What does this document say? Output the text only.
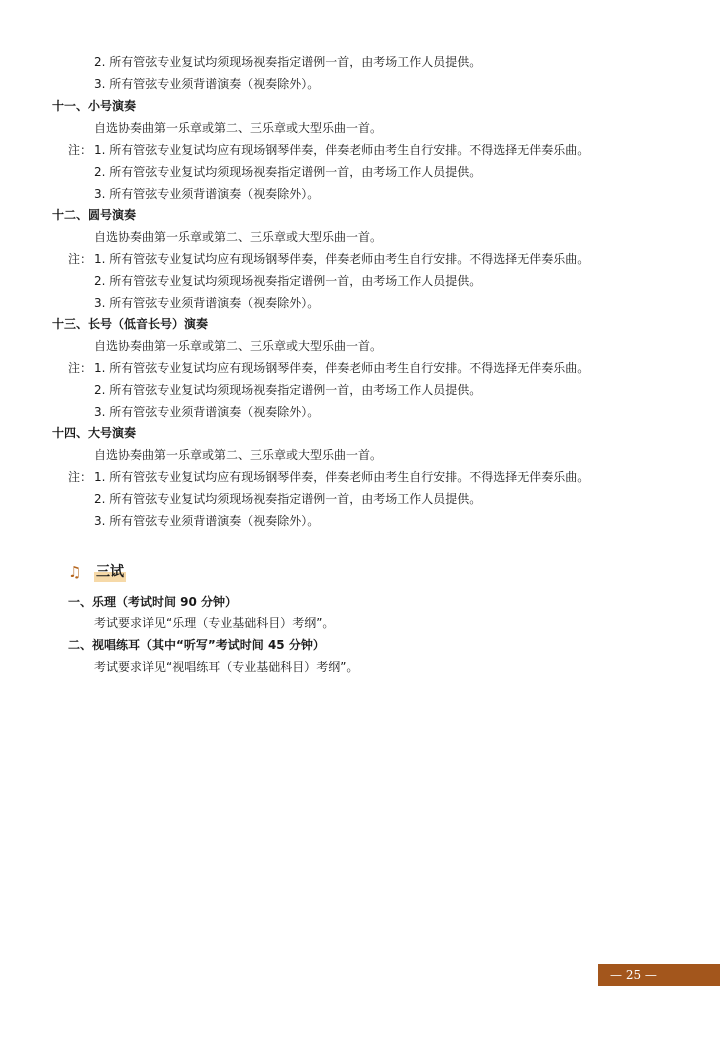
2. 所有管弦专业复试均须现场视奏指定谱例一首，由考场工作人员提供。
3. 所有管弦专业须背谱演奏（视奏除外）。
十一、小号演奏
自选协奏曲第一乐章或第二、三乐章或大型乐曲一首。
注： 1. 所有管弦专业复试均应有现场钢琴伴奏，伴奏老师由考生自行安排。不得选择无伴奏乐曲。
2. 所有管弦专业复试均须现场视奏指定谱例一首，由考场工作人员提供。
3. 所有管弦专业须背谱演奏（视奏除外）。
十二、圆号演奏
自选协奏曲第一乐章或第二、三乐章或大型乐曲一首。
注： 1. 所有管弦专业复试均应有现场钢琴伴奏，伴奏老师由考生自行安排。不得选择无伴奏乐曲。
2. 所有管弦专业复试均须现场视奏指定谱例一首，由考场工作人员提供。
3. 所有管弦专业须背谱演奏（视奏除外）。
十三、长号（低音长号）演奏
自选协奏曲第一乐章或第二、三乐章或大型乐曲一首。
注： 1. 所有管弦专业复试均应有现场钢琴伴奏，伴奏老师由考生自行安排。不得选择无伴奏乐曲。
2. 所有管弦专业复试均须现场视奏指定谱例一首，由考场工作人员提供。
3. 所有管弦专业须背谱演奏（视奏除外）。
十四、大号演奏
自选协奏曲第一乐章或第二、三乐章或大型乐曲一首。
注： 1. 所有管弦专业复试均应有现场钢琴伴奏，伴奏老师由考生自行安排。不得选择无伴奏乐曲。
2. 所有管弦专业复试均须现场视奏指定谱例一首，由考场工作人员提供。
3. 所有管弦专业须背谱演奏（视奏除外）。
♫	三试
一、乐理（考试时间 90 分钟）
考试要求详见“乐理（专业基础科目）考纲”。
二、视唱练耳（其中“听写”考试时间 45 分钟）
考试要求详见“视唱练耳（专业基础科目）考纲”。
— 25 —
